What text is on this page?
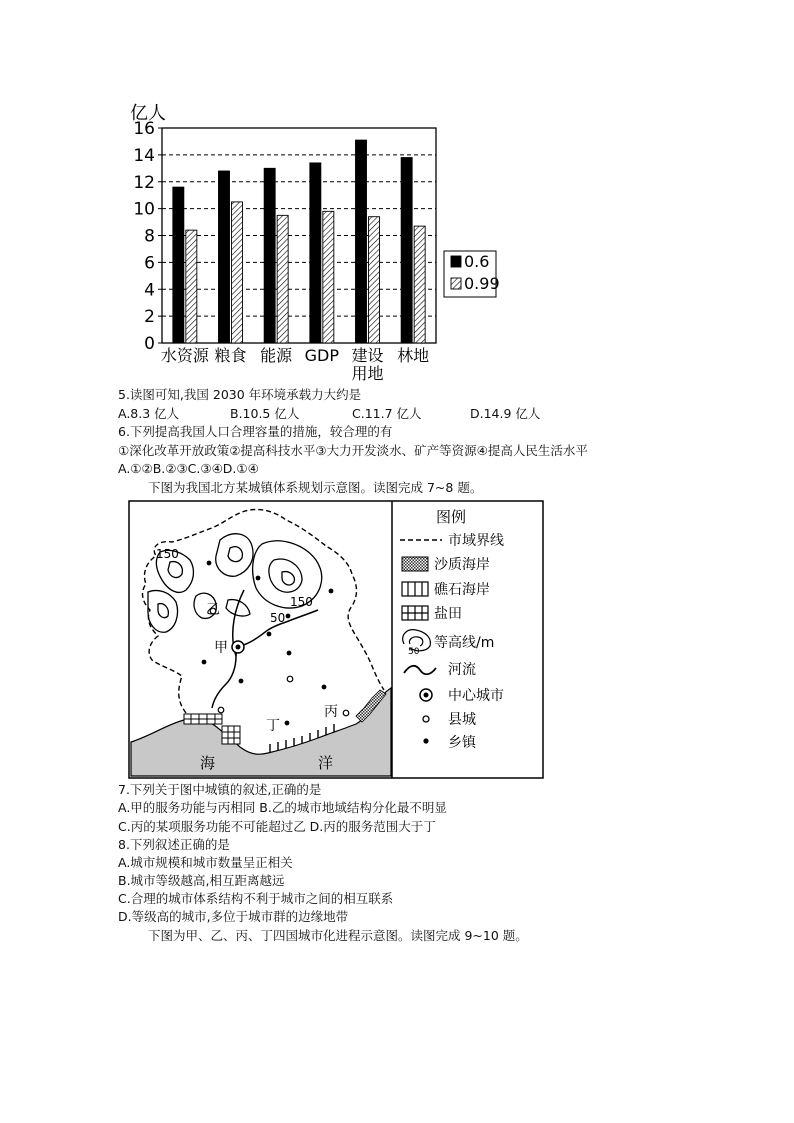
亿人
0
2
4
6
8
10
12
14
16
水资源 粮食 能源 GDP 建设
用地
林地
0.6
0.99
5.读图可知,我国 2030 年环境承载力大约是
A.8.3 亿人	B.10.5 亿人	C.11.7 亿人	D.14.9 亿人
6.下列提高我国人口合理容量的措施，较合理的有
①深化改革开放政策②提高科技水平③大力开发淡水、矿产等资源④提高人民生活水平
A.①②B.②③C.③④D.①④
下图为我国北方某城镇体系规划示意图。读图完成 7~8 题。
甲
乙
丙
丁
海	洋
150
150
50
图例
市域界线
沙质海岸
礁石海岸
盐田
50
等高线/m
河流
中心城市
县城
乡镇
7.下列关于图中城镇的叙述,正确的是
A.甲的服务功能与丙相同 B.乙的城市地域结构分化最不明显
C.丙的某项服务功能不可能超过乙 D.丙的服务范围大于丁
8.下列叙述正确的是
A.城市规模和城市数量呈正相关
B.城市等级越高,相互距离越远
C.合理的城市体系结构不利于城市之间的相互联系
D.等级高的城市,多位于城市群的边缘地带
下图为甲、乙、丙、丁四国城市化进程示意图。读图完成 9~10 题。
